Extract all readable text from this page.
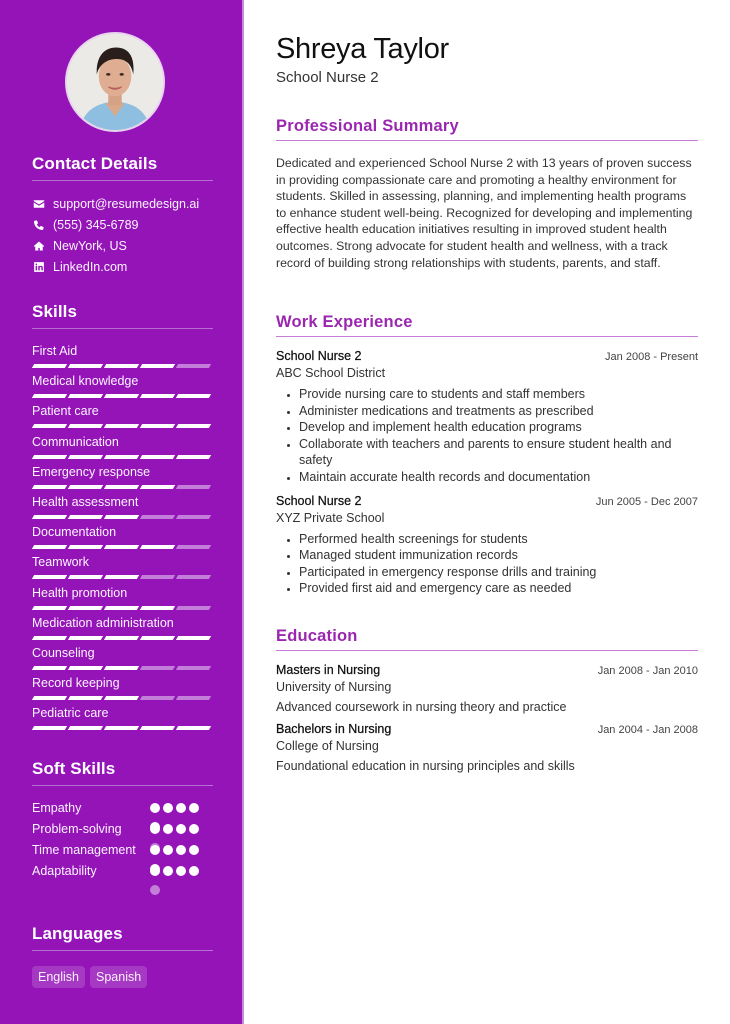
Contact Details
support@resumedesign.ai
(555) 345-6789
NewYork, US
LinkedIn.com
Skills
First Aid
Medical knowledge
Patient care
Communication
Emergency response
Health assessment
Documentation
Teamwork
Health promotion
Medication administration
Counseling
Record keeping
Pediatric care
Soft Skills
Empathy
Problem-solving
Time management
Adaptability
Languages
English	Spanish
Shreya Taylor
School Nurse 2
Professional Summary

Dedicated and experienced School Nurse 2 with 13 years of proven success in providing compassionate care and promoting a healthy environment for students. Skilled in assessing, planning, and implementing health programs to enhance student well-being. Recognized for developing and implementing effective health education initiatives resulting in improved student health outcomes. Strong advocate for student health and wellness, with a track record of building strong relationships with students, parents, and staff.

Work Experience
School Nurse 2	Jan 2008 - Present
ABC School District
• Provide nursing care to students and staff members
• Administer medications and treatments as prescribed
• Develop and implement health education programs
• Collaborate with teachers and parents to ensure student health and safety
• Maintain accurate health records and documentation
School Nurse 2	Jun 2005 - Dec 2007
XYZ Private School
• Performed health screenings for students
• Managed student immunization records
• Participated in emergency response drills and training
• Provided first aid and emergency care as needed
Education
Masters in Nursing	Jan 2008 - Jan 2010
University of Nursing
Advanced coursework in nursing theory and practice
Bachelors in Nursing	Jan 2004 - Jan 2008
College of Nursing
Foundational education in nursing principles and skills
